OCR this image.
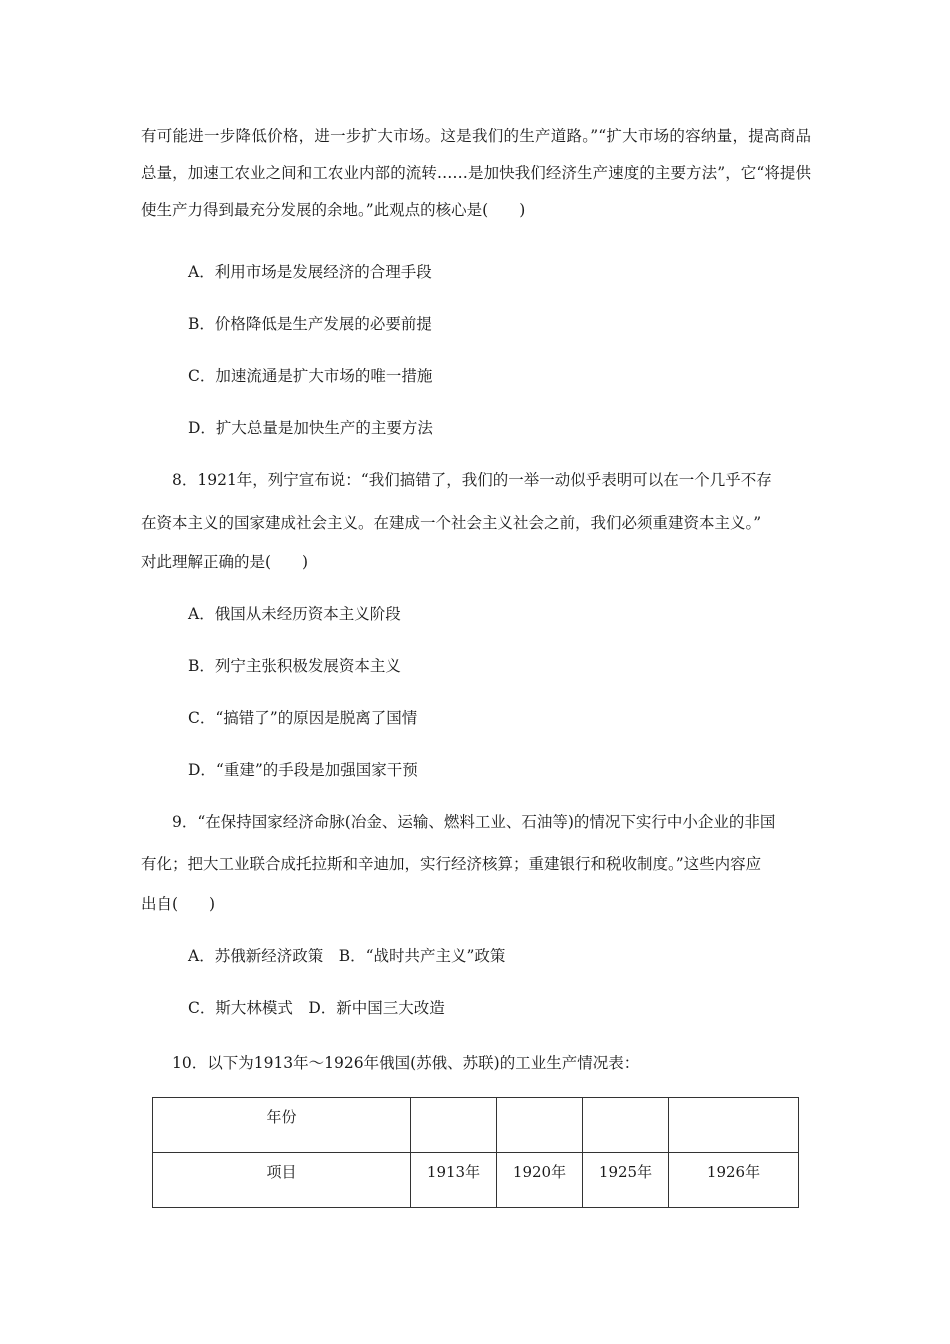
有可能进一步降低价格，进一步扩大市场。这是我们的生产道路。”“扩大市场的容纳量，提高商品总量，加速工农业之间和工农业内部的流转……是加快我们经济生产速度的主要方法”，它“将提供使生产力得到最充分发展的余地。”此观点的核心是(　　)
A．利用市场是发展经济的合理手段
B．价格降低是生产发展的必要前提
C．加速流通是扩大市场的唯一措施
D．扩大总量是加快生产的主要方法
8．1921年，列宁宣布说：“我们搞错了，我们的一举一动似乎表明可以在一个几乎不存
在资本主义的国家建成社会主义。在建成一个社会主义社会之前，我们必须重建资本主义。”
对此理解正确的是(　　)
A．俄国从未经历资本主义阶段
B．列宁主张积极发展资本主义
C．“搞错了”的原因是脱离了国情
D．“重建”的手段是加强国家干预
9．“在保持国家经济命脉(冶金、运输、燃料工业、石油等)的情况下实行中小企业的非国
有化；把大工业联合成托拉斯和辛迪加，实行经济核算；重建银行和税收制度。”这些内容应
出自(　　)
A．苏俄新经济政策　B．“战时共产主义”政策
C．斯大林模式　D．新中国三大改造
10．以下为1913年～1926年俄国(苏俄、苏联)的工业生产情况表：
年份				
项目	1913年	1920年	1925年	1926年
